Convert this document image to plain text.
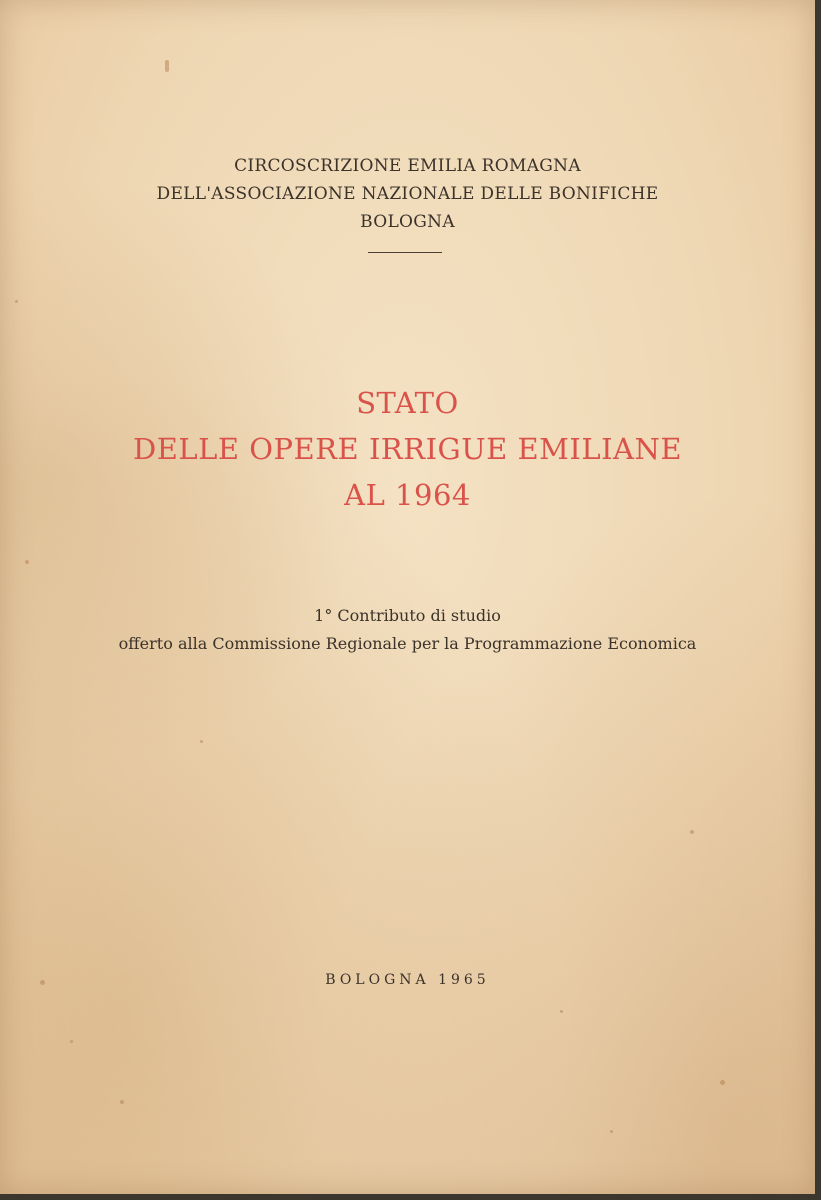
CIRCOSCRIZIONE EMILIA ROMAGNA
DELL'ASSOCIAZIONE NAZIONALE DELLE BONIFICHE
BOLOGNA
STATO
DELLE OPERE IRRIGUE EMILIANE
AL 1964
1° Contributo di studio
offerto alla Commissione Regionale per la Programmazione Economica
BOLOGNA 1965
